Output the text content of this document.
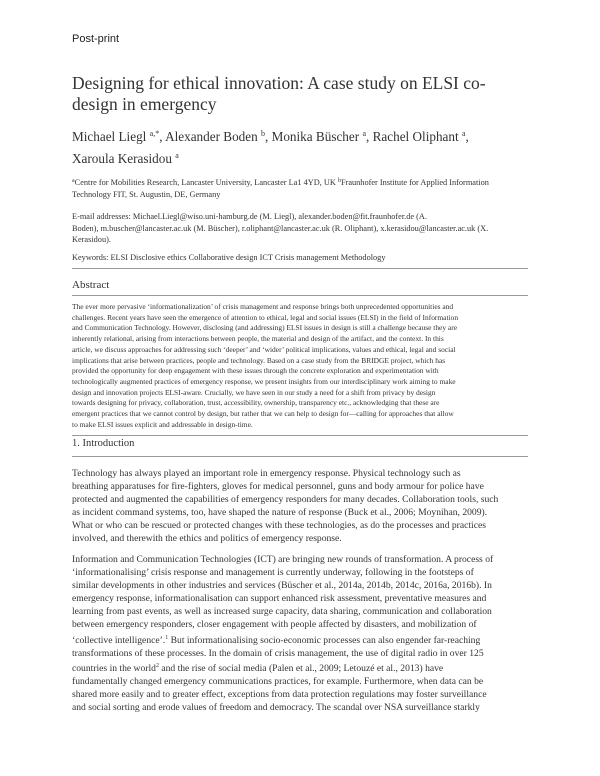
Post-print
Designing for ethical innovation: A case study on ELSI co-
design in emergency
Michael Liegl $^{a,*}$, Alexander Boden $^b$, Monika Büscher $^a$, Rachel Oliphant $^a$,
Xaroula Kerasidou $^a$
$^a$Centre for Mobilities Research, Lancaster University, Lancaster La1 4YD, UK $^b$Fraunhofer Institute for Applied Information
Technology FIT, St. Augustin, DE, Germany
E-mail addresses: Michael.Liegl@wiso.uni-hamburg.de (M. Liegl), alexander.boden@fit.fraunhofer.de (A.
Boden), m.buscher@lancaster.ac.uk (M. Büscher), r.oliphant@lancaster.ac.uk (R. Oliphant), x.kerasidou@lancaster.ac.uk (X.
Kerasidou).
Keywords: ELSI Disclosive ethics Collaborative design ICT Crisis management Methodology
Abstract
The ever more pervasive ‘informationalization’ of crisis management and response brings both unprecedented opportunities and
challenges. Recent years have seen the emergence of attention to ethical, legal and social issues (ELSI) in the field of Information
and Communication Technology. However, disclosing (and addressing) ELSI issues in design is still a challenge because they are
inherently relational, arising from interactions between people, the material and design of the artifact, and the context. In this
article, we discuss approaches for addressing such ‘deeper’ and ‘wider’ political implications, values and ethical, legal and social
implications that arise between practices, people and technology. Based on a case study from the BRIDGE project, which has
provided the opportunity for deep engagement with these issues through the concrete exploration and experimentation with
technologically augmented practices of emergency response, we present insights from our interdisciplinary work aiming to make
design and innovation projects ELSI-aware. Crucially, we have seen in our study a need for a shift from privacy by design
towards designing for privacy, collaboration, trust, accessibility, ownership, transparency etc., acknowledging that these are
emergent practices that we cannot control by design, but rather that we can help to design for—calling for approaches that allow
to make ELSI issues explicit and addressable in design-time.
1. Introduction
Technology has always played an important role in emergency response. Physical technology such as
breathing apparatuses for fire-fighters, gloves for medical personnel, guns and body armour for police have
protected and augmented the capabilities of emergency responders for many decades. Collaboration tools, such
as incident command systems, too, have shaped the nature of response (Buck et al., 2006; Moynihan, 2009).
What or who can be rescued or protected changes with these technologies, as do the processes and practices
involved, and therewith the ethics and politics of emergency response.
Information and Communication Technologies (ICT) are bringing new rounds of transformation. A process of
‘informationalising’ crisis response and management is currently underway, following in the footsteps of
similar developments in other industries and services (Büscher et al., 2014a, 2014b, 2014c, 2016a, 2016b). In
emergency response, informationalisation can support enhanced risk assessment, preventative measures and
learning from past events, as well as increased surge capacity, data sharing, communication and collaboration
between emergency responders, closer engagement with people affected by disasters, and mobilization of
‘collective intelligence’.$^1$ But informationalising socio-economic processes can also engender far-reaching
transformations of these processes. In the domain of crisis management, the use of digital radio in over 125
countries in the world$^2$ and the rise of social media (Palen et al., 2009; Letouzé et al., 2013) have
fundamentally changed emergency communications practices, for example. Furthermore, when data can be
shared more easily and to greater effect, exceptions from data protection regulations may foster surveillance
and social sorting and erode values of freedom and democracy. The scandal over NSA surveillance starkly
